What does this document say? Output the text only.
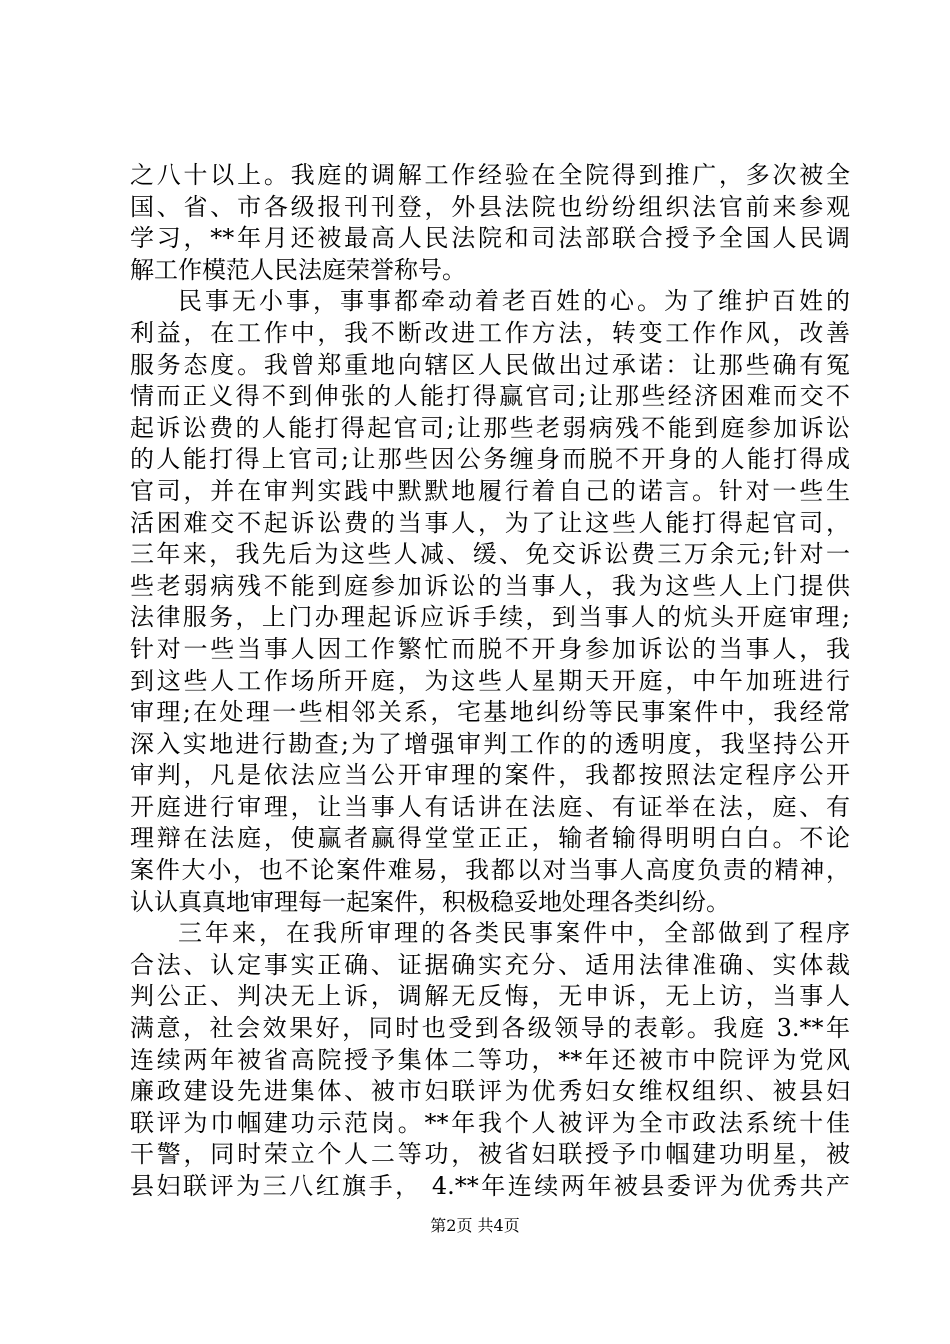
之八十以上。我庭的调解工作经验在全院得到推广，多次被全
国、省、市各级报刊刊登，外县法院也纷纷组织法官前来参观
学习，**年月还被最高人民法院和司法部联合授予全国人民调
解工作模范人民法庭荣誉称号。
民事无小事，事事都牵动着老百姓的心。为了维护百姓的
利益，在工作中，我不断改进工作方法，转变工作作风，改善
服务态度。我曾郑重地向辖区人民做出过承诺：让那些确有冤
情而正义得不到伸张的人能打得赢官司;让那些经济困难而交不
起诉讼费的人能打得起官司;让那些老弱病残不能到庭参加诉讼
的人能打得上官司;让那些因公务缠身而脱不开身的人能打得成
官司，并在审判实践中默默地履行着自己的诺言。针对一些生
活困难交不起诉讼费的当事人，为了让这些人能打得起官司，
三年来，我先后为这些人减、缓、免交诉讼费三万余元;针对一
些老弱病残不能到庭参加诉讼的当事人，我为这些人上门提供
法律服务，上门办理起诉应诉手续，到当事人的炕头开庭审理;
针对一些当事人因工作繁忙而脱不开身参加诉讼的当事人，我
到这些人工作场所开庭，为这些人星期天开庭，中午加班进行
审理;在处理一些相邻关系，宅基地纠纷等民事案件中，我经常
深入实地进行勘查;为了增强审判工作的的透明度，我坚持公开
审判，凡是依法应当公开审理的案件，我都按照法定程序公开
开庭进行审理，让当事人有话讲在法庭、有证举在法，庭、有
理辩在法庭，使赢者赢得堂堂正正，输者输得明明白白。不论
案件大小，也不论案件难易，我都以对当事人高度负责的精神，
认认真真地审理每一起案件，积极稳妥地处理各类纠纷。
三年来，在我所审理的各类民事案件中，全部做到了程序
合法、认定事实正确、证据确实充分、适用法律准确、实体裁
判公正、判决无上诉，调解无反悔，无申诉，无上访，当事人
满意，社会效果好，同时也受到各级领导的表彰。我庭 3.**年
连续两年被省高院授予集体二等功，**年还被市中院评为党风
廉政建设先进集体、被市妇联评为优秀妇女维权组织、被县妇
联评为巾帼建功示范岗。**年我个人被评为全市政法系统十佳
干警，同时荣立个人二等功，被省妇联授予巾帼建功明星，被
县妇联评为三八红旗手， 4.**年连续两年被县委评为优秀共产
第2页 共4页
